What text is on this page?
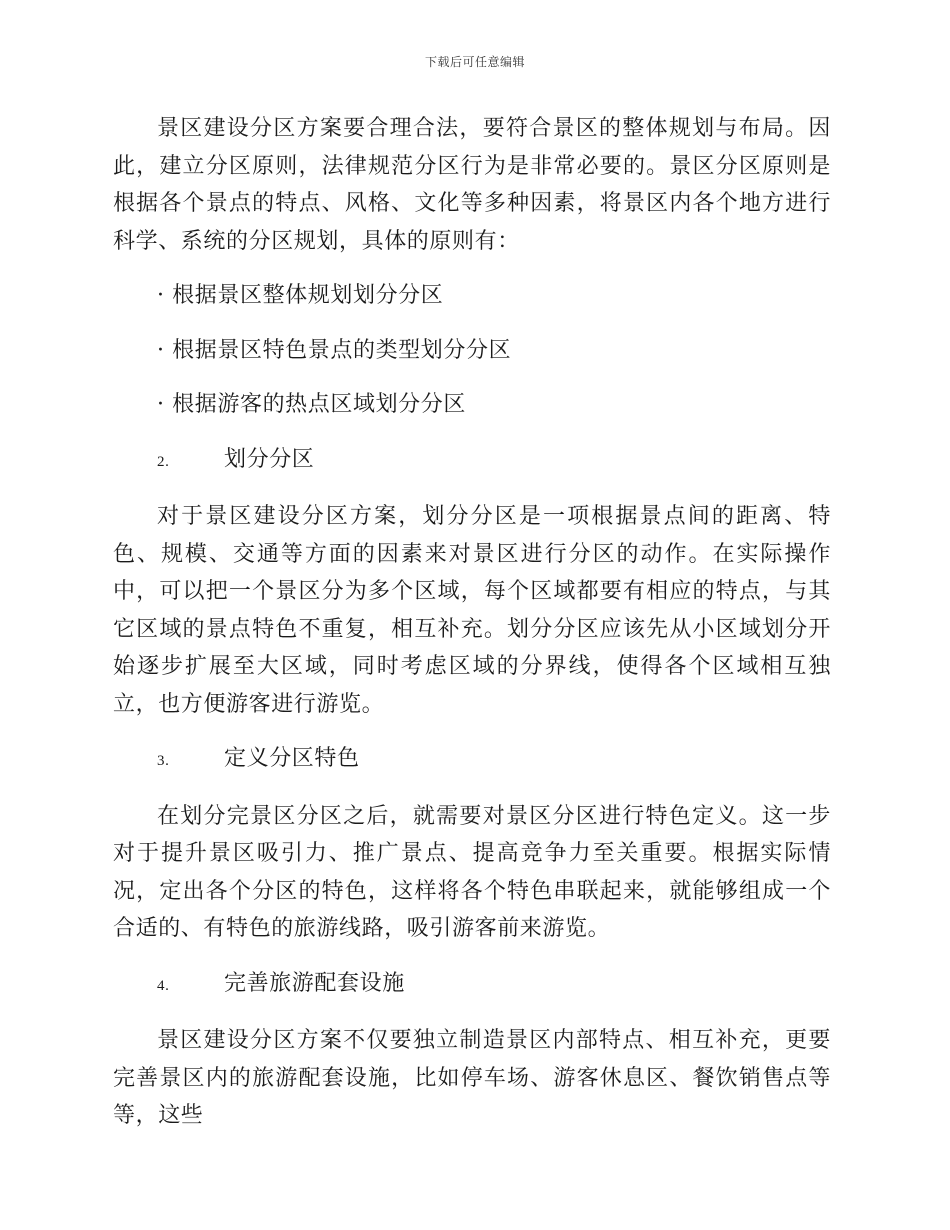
下载后可任意编辑

景区建设分区方案要合理合法，要符合景区的整体规划与布局。因此，建立分区原则，法律规范分区行为是非常必要的。景区分区原则是根据各个景点的特点、风格、文化等多种因素，将景区内各个地方进行科学、系统的分区规划，具体的原则有：

· 根据景区整体规划划分分区

· 根据景区特色景点的类型划分分区

· 根据游客的热点区域划分分区

2.	划分分区

对于景区建设分区方案，划分分区是一项根据景点间的距离、特色、规模、交通等方面的因素来对景区进行分区的动作。在实际操作中，可以把一个景区分为多个区域，每个区域都要有相应的特点，与其它区域的景点特色不重复，相互补充。划分分区应该先从小区域划分开始逐步扩展至大区域，同时考虑区域的分界线，使得各个区域相互独立，也方便游客进行游览。

3.	定义分区特色

在划分完景区分区之后，就需要对景区分区进行特色定义。这一步对于提升景区吸引力、推广景点、提高竞争力至关重要。根据实际情况，定出各个分区的特色，这样将各个特色串联起来，就能够组成一个合适的、有特色的旅游线路，吸引游客前来游览。

4.	完善旅游配套设施

景区建设分区方案不仅要独立制造景区内部特点、相互补充，更要完善景区内的旅游配套设施，比如停车场、游客休息区、餐饮销售点等等，这些
